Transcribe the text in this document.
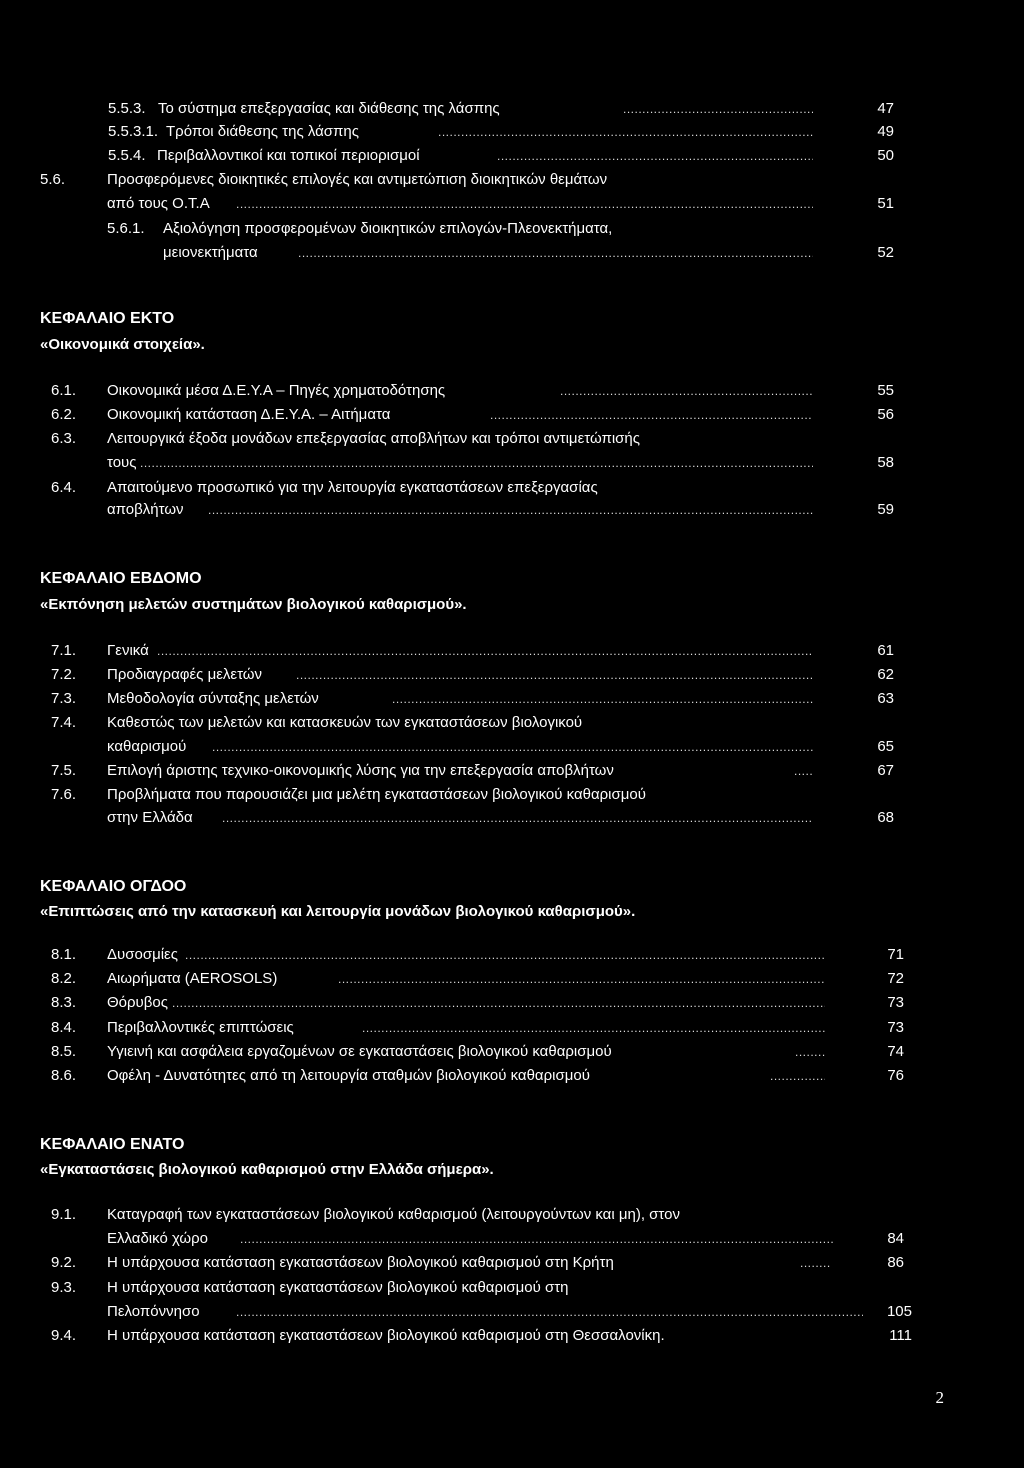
5.5.3. Το σύστημα επεξεργασίας και διάθεσης της λάσπης .....	47
5.5.3.1. Τρόποι διάθεσης της λάσπης .....	49
5.5.4. Περιβαλλοντικοί και τοπικοί περιορισμοί .....	50
5.6.	Προσφερόμενες διοικητικές επιλογές και αντιμετώπιση διοικητικών θεμάτων
από τους Ο.Τ.Α .....	51
5.6.1. Αξιολόγηση προσφερομένων διοικητικών επιλογών-Πλεονεκτήματα,
μειονεκτήματα .....	52
ΚΕΦΑΛΑΙΟ ΕΚΤΟ
«Οικονομικά στοιχεία».
6.1. Οικονομικά μέσα Δ.Ε.Υ.Α – Πηγές χρηματοδότησης .....	55
6.2. Οικονομική κατάσταση Δ.Ε.Υ.Α. – Αιτήματα .....	56
6.3. Λειτουργικά έξοδα μονάδων επεξεργασίας αποβλήτων και τρόποι αντιμετώπισής
τους .....	58
6.4. Απαιτούμενο προσωπικό για την λειτουργία εγκαταστάσεων επεξεργασίας
αποβλήτων .....	59
ΚΕΦΑΛΑΙΟ ΕΒΔΟΜΟ
«Εκπόνηση μελετών συστημάτων βιολογικού καθαρισμού».
7.1. Γενικά .....	61
7.2. Προδιαγραφές μελετών .....	62
7.3. Μεθοδολογία σύνταξης μελετών .....	63
7.4. Καθεστώς των μελετών και κατασκευών των εγκαταστάσεων βιολογικού
καθαρισμού .....	65
7.5. Επιλογή άριστης τεχνικο-οικονομικής λύσης για την επεξεργασία αποβλήτων .....	67
7.6. Προβλήματα που παρουσιάζει μια μελέτη εγκαταστάσεων βιολογικού καθαρισμού
στην Ελλάδα .....	68
ΚΕΦΑΛΑΙΟ ΟΓΔΟΟ
«Επιπτώσεις από την κατασκευή και λειτουργία μονάδων βιολογικού καθαρισμού».
8.1. Δυσοσμίες .....	71
8.2. Αιωρήματα (AEROSOLS) .....	72
8.3. Θόρυβος .....	73
8.4. Περιβαλλοντικές επιπτώσεις .....	73
8.5. Υγιεινή και ασφάλεια εργαζομένων σε εγκαταστάσεις βιολογικού καθαρισμού .....	74
8.6. Οφέλη - Δυνατότητες από τη λειτουργία σταθμών βιολογικού καθαρισμού .....	76
ΚΕΦΑΛΑΙΟ ΕΝΑΤΟ
«Εγκαταστάσεις βιολογικού καθαρισμού στην Ελλάδα σήμερα».
9.1. Καταγραφή των εγκαταστάσεων βιολογικού καθαρισμού (λειτουργούντων και μη), στον
Ελλαδικό χώρο .....	84
9.2. Η υπάρχουσα κατάσταση εγκαταστάσεων βιολογικού καθαρισμού στη Κρήτη .....	86
9.3. Η υπάρχουσα κατάσταση εγκαταστάσεων βιολογικού καθαρισμού στη
Πελοπόννησο .....	105
9.4. Η υπάρχουσα κατάσταση εγκαταστάσεων βιολογικού καθαρισμού στη Θεσσαλονίκη.	111
2
